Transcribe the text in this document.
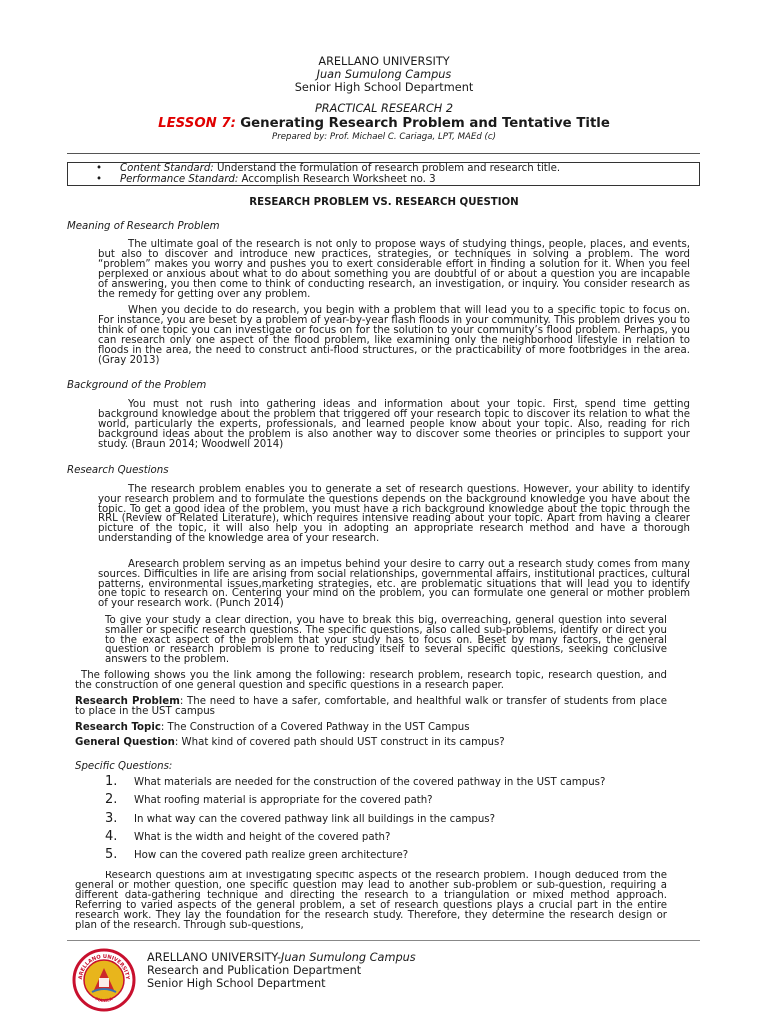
ARELLANO UNIVERSITY
Juan Sumulong Campus
Senior High School Department
PRACTICAL RESEARCH 2
LESSON 7: Generating Research Problem and Tentative Title
Prepared by: Prof. Michael C. Cariaga, LPT, MAEd (c)
• Content Standard: Understand the formulation of research problem and research title.
• Performance Standard: Accomplish Research Worksheet no. 3
RESEARCH PROBLEM VS. RESEARCH QUESTION
Meaning of Research Problem

The ultimate goal of the research is not only to propose ways of studying things, people, places, and events, but also to discover and introduce new practices, strategies, or techniques in solving a problem. The word “problem” makes you worry and pushes you to exert considerable effort in finding a solution for it. When you feel perplexed or anxious about what to do about something you are doubtful of or about a question you are incapable of answering, you then come to think of conducting research, an investigation, or inquiry. You consider research as the remedy for getting over any problem.

When you decide to do research, you begin with a problem that will lead you to a specific topic to focus on. For instance, you are beset by a problem of year-by-year flash floods in your community. This problem drives you to think of one topic you can investigate or focus on for the solution to your community’s flood problem. Perhaps, you can research only one aspect of the flood problem, like examining only the neighborhood lifestyle in relation to floods in the area, the need to construct anti-flood structures, or the practicability of more footbridges in the area. (Gray 2013)

Background of the Problem

You must not rush into gathering ideas and information about your topic. First, spend time getting background knowledge about the problem that triggered off your research topic to discover its relation to what the world, particularly the experts, professionals, and learned people know about your topic. Also, reading for rich background ideas about the problem is also another way to discover some theories or principles to support your study. (Braun 2014; Woodwell 2014)

Research Questions

The research problem enables you to generate a set of research questions. However, your ability to identify your research problem and to formulate the questions depends on the background knowledge you have about the topic. To get a good idea of the problem, you must have a rich background knowledge about the topic through the RRL (Review of Related Literature), which requires intensive reading about your topic. Apart from having a clearer picture of the topic, it will also help you in adopting an appropriate research method and have a thorough understanding of the knowledge area of your research.

Aresearch problem serving as an impetus behind your desire to carry out a research study comes from many sources. Difficulties in life are arising from social relationships, governmental affairs, institutional practices, cultural patterns, environmental issues,marketing strategies, etc. are problematic situations that will lead you to identify one topic to research on. Centering your mind on the problem, you can formulate one general or mother problem of your research work. (Punch 2014)

To give your study a clear direction, you have to break this big, overreaching, general question into several smaller or specific research questions. The specific questions, also called sub-problems, identify or direct you to the exact aspect of the problem that your study has to focus on. Beset by many factors, the general question or research problem is prone to reducing itself to several specific questions, seeking conclusive answers to the problem.

The following shows you the link among the following: research problem, research topic, research question, and the construction of one general question and specific questions in a research paper.

Research Problem: The need to have a safer, comfortable, and healthful walk or transfer of students from place to place in the UST campus

Research Topic: The Construction of a Covered Pathway in the UST Campus

General Question: What kind of covered path should UST construct in its campus?

Specific Questions:
1.	What materials are needed for the construction of the covered pathway in the UST campus?
2.	What roofing material is appropriate for the covered path?
3.	In what way can the covered pathway link all buildings in the campus?
4.	What is the width and height of the covered path?
5.	How can the covered path realize green architecture?

Research questions aim at investigating specific aspects of the research problem. Though deduced from the general or mother question, one specific question may lead to another sub-problem or sub-question, requiring a different data-gathering technique and directing the research to a triangulation or mixed method approach. Referring to varied aspects of the general problem, a set of research questions plays a crucial part in the entire research work. They lay the foundation for the research study. Therefore, they determine the research design or plan of the research. Through sub-questions,

ARELLANO UNIVERSITY
MANILA
ARELLANO UNIVERSITY-Juan Sumulong Campus
Research and Publication Department
Senior High School Department
